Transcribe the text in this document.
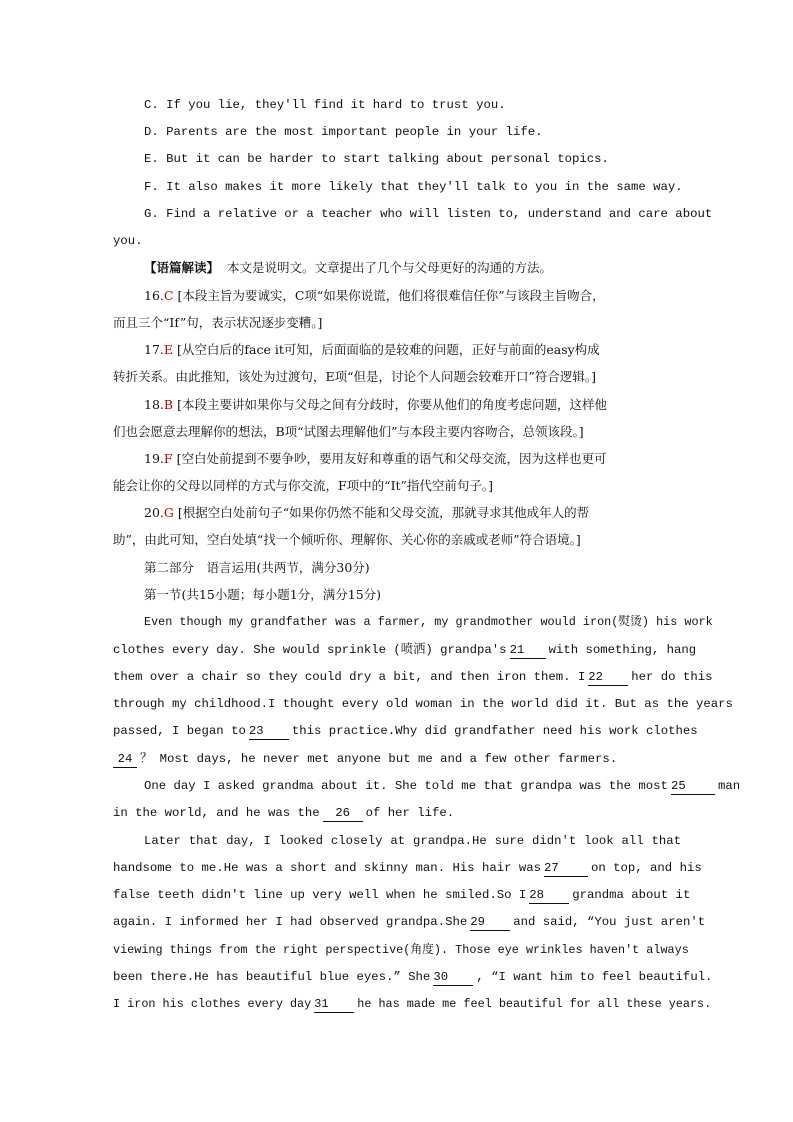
C. If you lie, they'll find it hard to trust you.
D. Parents are the most important people in your life.
E. But it can be harder to start talking about personal topics.
F. It also makes it more likely that they'll talk to you in the same way.
G. Find a relative or a teacher who will listen to, understand and care about
you.
【语篇解读】 本文是说明文。文章提出了几个与父母更好的沟通的方法。
16.C [本段主旨为要诚实，C项“如果你说谎，他们将很难信任你”与该段主旨吻合，
而且三个“If”句，表示状况逐步变糟。]
17.E [从空白后的face it可知，后面面临的是较难的问题，正好与前面的easy构成
转折关系。由此推知，该处为过渡句，E项“但是，讨论个人问题会较难开口”符合逻辑。]
18.B [本段主要讲如果你与父母之间有分歧时，你要从他们的角度考虑问题，这样他
们也会愿意去理解你的想法，B项“试图去理解他们”与本段主要内容吻合，总领该段。]
19.F [空白处前提到不要争吵，要用友好和尊重的语气和父母交流，因为这样也更可
能会让你的父母以同样的方式与你交流，F项中的“It”指代空前句子。]
20.G [根据空白处前句子“如果你仍然不能和父母交流，那就寻求其他成年人的帮
助”，由此可知，空白处填“找一个倾听你、理解你、关心你的亲戚或老师”符合语境。]
第二部分　语言运用(共两节，满分30分)
第一节(共15小题；每小题1分，满分15分)
Even though my grandfather was a farmer, my grandmother would iron(熨烫) his work
clothes every day. She would sprinkle (喷洒) grandpa's 21 with something, hang
them over a chair so they could dry a bit, and then iron them. I 22 her do this
through my childhood.I thought every old woman in the world did it. But as the years
passed, I began to 23 this practice.Why did grandfather need his work clothes
24 ？ Most days, he never met anyone but me and a few other farmers.
One day I asked grandma about it. She told me that grandpa was the most 25	man
in the world, and he was the 26 of her life.
Later that day, I looked closely at grandpa.He sure didn't look all that
handsome to me.He was a short and skinny man. His hair was 27	on top, and his
false teeth didn't line up very well when he smiled.So I 28 grandma about it
again. I informed her I had observed grandpa.She 29 and said, “You just aren't
viewing things from the right perspective(角度). Those eye wrinkles haven't always
been there.He has beautiful blue eyes.” She 30 , “I want him to feel beautiful.
I iron his clothes every day 31 he has made me feel beautiful for all these years.
